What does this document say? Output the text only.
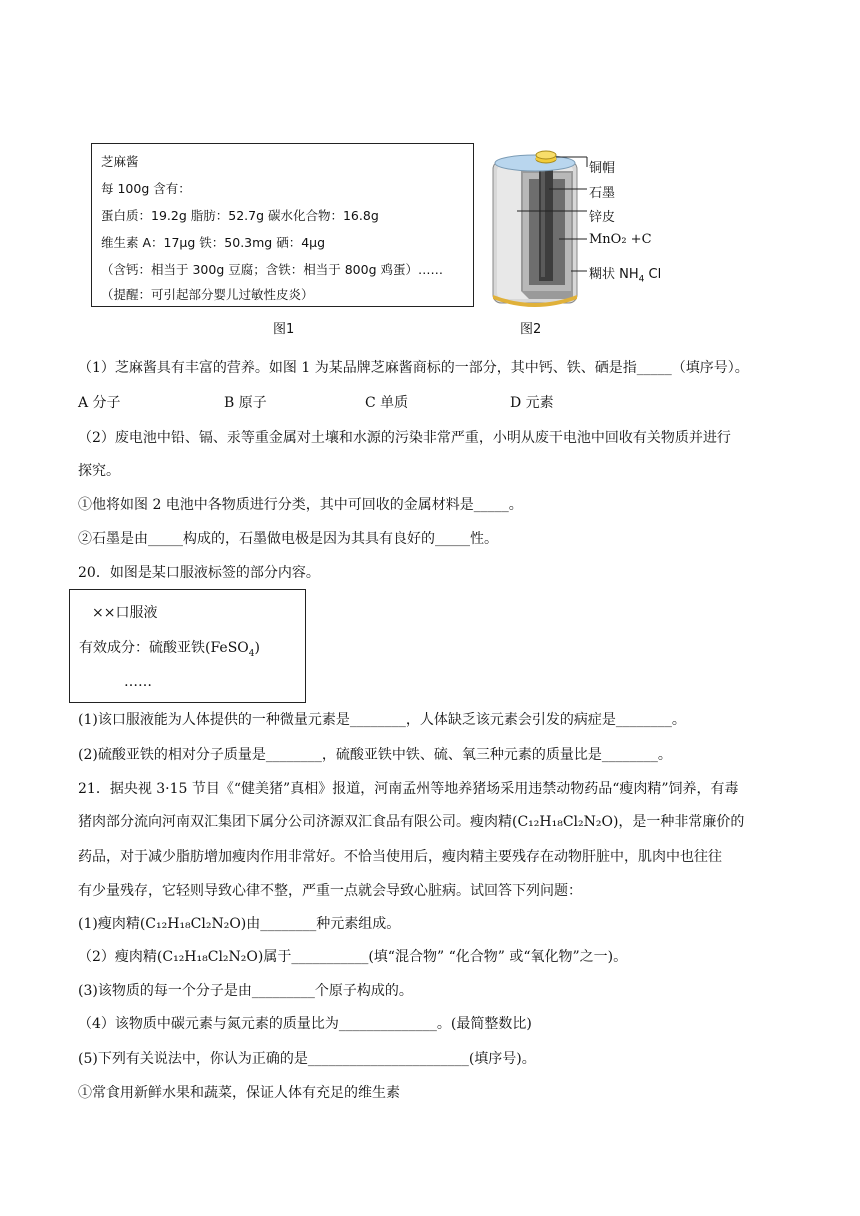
芝麻酱
每 100g 含有：
蛋白质：19.2g 脂肪：52.7g 碳水化合物：16.8g
维生素 A：17μg 铁：50.3mg 硒：4μg
（含钙：相当于 300g 豆腐；含铁：相当于 800g 鸡蛋）……
（提醒：可引起部分婴儿过敏性皮炎）
图1
铜帽
石墨
锌皮
MnO₂ +C
糊状 $NH_4$ Cl
图2
（1）芝麻酱具有丰富的营养。如图 1 为某品牌芝麻酱商标的一部分，其中钙、铁、硒是指_____（填序号）。
A 分子	B 原子	C 单质	D 元素
（2）废电池中铅、镉、汞等重金属对土壤和水源的污染非常严重，小明从废干电池中回收有关物质并进行
探究。
①他将如图 2 电池中各物质进行分类，其中可回收的金属材料是_____。
②石墨是由_____构成的，石墨做电极是因为其具有良好的_____性。
20．如图是某口服液标签的部分内容。
××口服液
有效成分：硫酸亚铁(FeSO$_4$)
……
(1)该口服液能为人体提供的一种微量元素是________，人体缺乏该元素会引发的病症是________。
(2)硫酸亚铁的相对分子质量是________，硫酸亚铁中铁、硫、氧三种元素的质量比是________。
21．据央视 3·15 节目《“健美猪”真相》报道，河南孟州等地养猪场采用违禁动物药品“瘦肉精”饲养，有毒
猪肉部分流向河南双汇集团下属分公司济源双汇食品有限公司。瘦肉精(C₁₂H₁₈Cl₂N₂O)，是一种非常廉价的
药品，对于减少脂肪增加瘦肉作用非常好。不恰当使用后，瘦肉精主要残存在动物肝脏中，肌肉中也往往
有少量残存，它轻则导致心律不整，严重一点就会导致心脏病。试回答下列问题：
(1)瘦肉精(C₁₂H₁₈Cl₂N₂O)由________种元素组成。
（2）瘦肉精(C₁₂H₁₈Cl₂N₂O)属于___________(填“混合物” “化合物” 或“氧化物”之一)。
(3)该物质的每一个分子是由_________个原子构成的。
（4）该物质中碳元素与氮元素的质量比为______________。(最简整数比)
(5)下列有关说法中，你认为正确的是_______________________(填序号)。
①常食用新鲜水果和蔬菜，保证人体有充足的维生素
